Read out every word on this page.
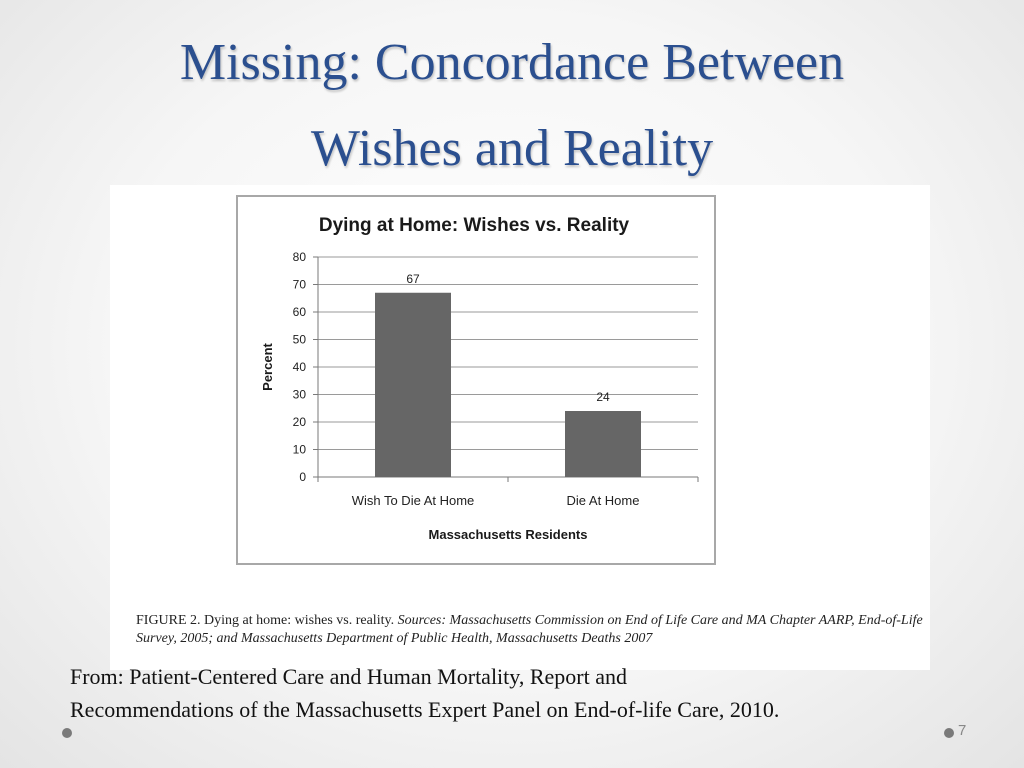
Missing: Concordance Between
Wishes and Reality
Dying at Home: Wishes vs. Reality
0
10
20
30
40
50
60
70
80
67
Wish To Die At Home
24
Die At Home
Percent
Massachusetts Residents
FIGURE 2. Dying at home: wishes vs. reality. Sources: Massachusetts Commission on End of Life Care and MA Chapter AARP, End-of-Life Survey, 2005; and Massachusetts Department of Public Health, Massachusetts Deaths 2007
From: Patient-Centered Care and Human Mortality, Report and
Recommendations of the Massachusetts Expert Panel on End-of-life Care, 2010.
7
